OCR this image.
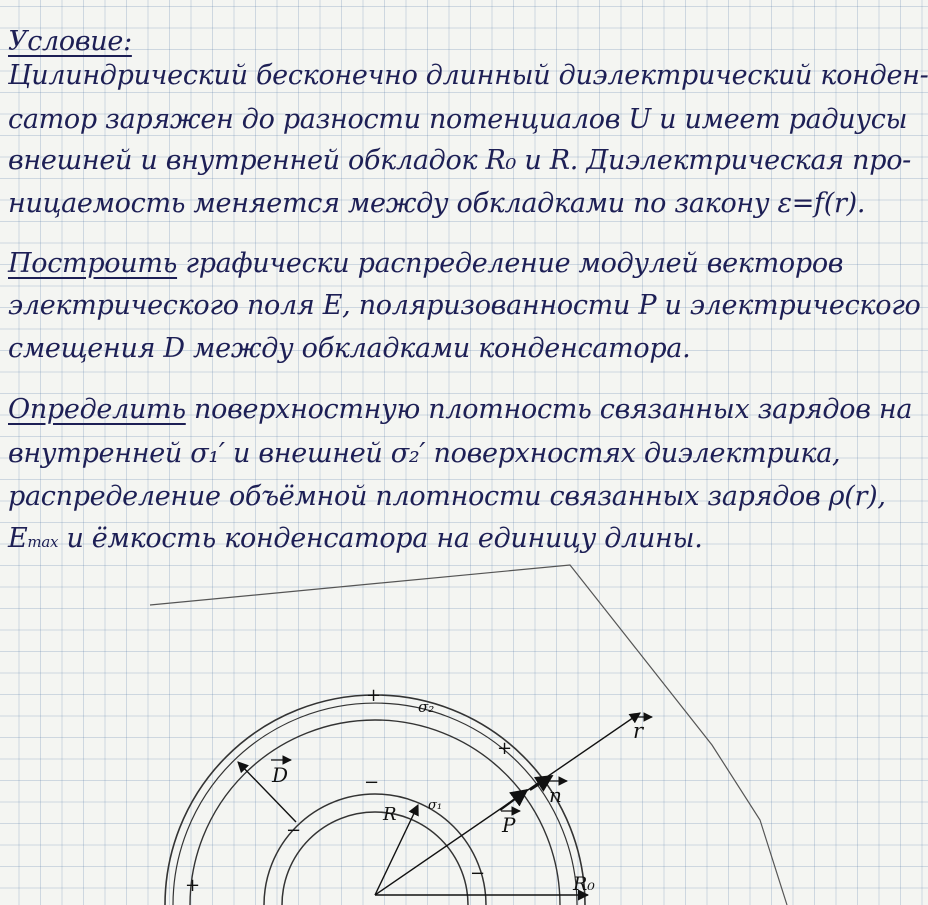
Условие:
Цилиндрический бесконечно длинный диэлектрический конден-
сатор заряжен до разности потенциалов U и имеет радиусы
внешней и внутренней обкладок R₀ и R. Диэлектрическая про-
ницаемость меняется между обкладками по закону ε=f(r).
Построить графически распределение модулей векторов
электрического поля E, поляризованности P и электрического
смещения D между обкладками конденсатора.
Определить поверхностную плотность связанных зарядов на
внутренней σ₁′ и внешней σ₂′ поверхностях диэлектрика,
распределение объёмной плотности связанных зарядов ρ(r),
Emax и ёмкость конденсатора на единицу длины.
r
n
P
D
R
R₀
σ₂
σ₁
+
+
+
−
−
−
